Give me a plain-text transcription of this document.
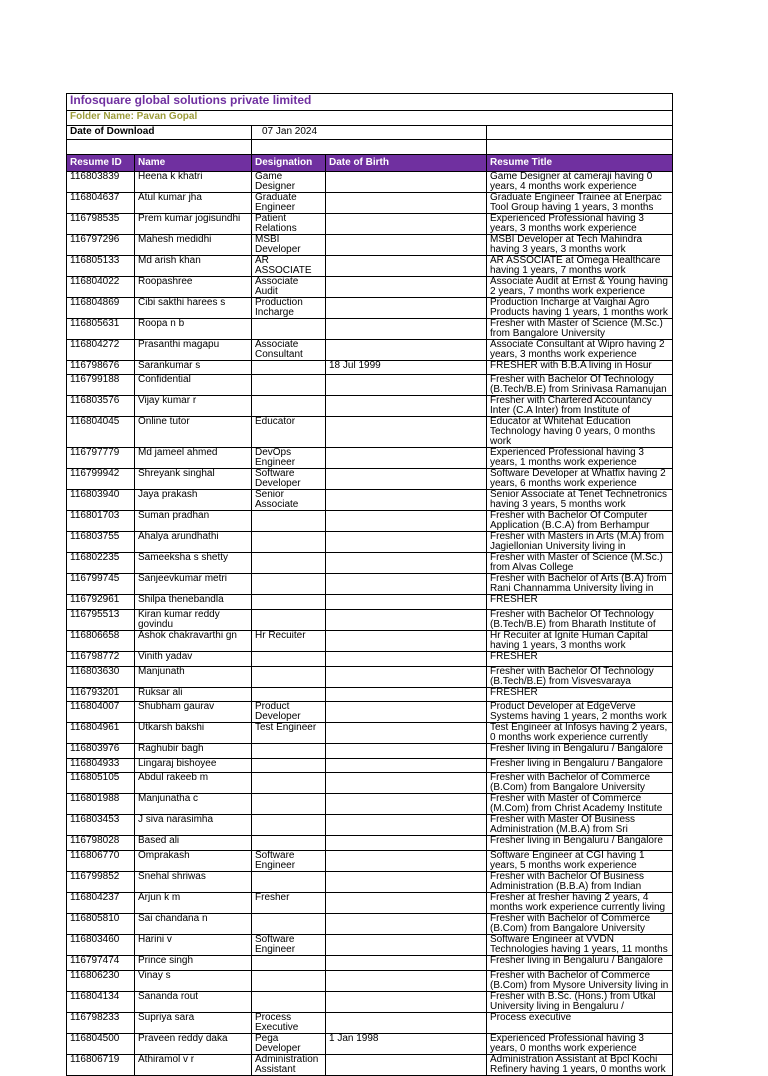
Infosquare global solutions private limited				
Folder Name: Pavan Gopal				
Date of Download		07 Jan 2024		

Resume ID	Name	Designation	Date of Birth	Resume Title

116803839	Heena k khatri	Game Designer		Game Designer at cameraji having 0 years, 4 months work experience

116804637	Atul kumar jha	Graduate Engineer		Graduate Engineer Trainee at Enerpac Tool Group having 1 years, 3 months

116798535	Prem kumar jogisundhi	Patient Relations		Experienced Professional having 3 years, 3 months work experience

116797296	Mahesh medidhi	MSBI Developer		MSBI Developer at Tech Mahindra having 3 years, 3 months work

116805133	Md arish khan	AR ASSOCIATE		AR ASSOCIATE at Omega Healthcare having 1 years, 7 months work

116804022	Roopashree	Associate Audit		Associate Audit at Ernst & Young having 2 years, 7 months work experience

116804869	Cibi sakthi harees s	Production Incharge		Production Incharge at Vaighai Agro Products having 1 years, 1 months work

116805631	Roopa n b			Fresher with Master of Science (M.Sc.) from Bangalore University

116804272	Prasanthi magapu	Associate Consultant		Associate Consultant at Wipro having 2 years, 3 months work experience

116798676	Sarankumar s		18 Jul 1999	FRESHER with B.B.A living in Hosur

116799188	Confidential			Fresher with Bachelor Of Technology (B.Tech/B.E) from Srinivasa Ramanujan

116803576	Vijay kumar r			Fresher with Chartered Accountancy Inter (C.A Inter) from Institute of

116804045	Online tutor	Educator		Educator at Whitehat Education Technology having 0 years, 0 months work

116797779	Md jameel ahmed	DevOps Engineer		Experienced Professional having 3 years, 1 months work experience

116799942	Shreyank singhal	Software Developer		Software Developer at Whatfix having 2 years, 6 months work experience

116803940	Jaya prakash	Senior Associate		Senior Associate at Tenet Technetronics having 3 years, 5 months work

116801703	Suman pradhan			Fresher with Bachelor Of Computer Application (B.C.A) from Berhampur

116803755	Ahalya arundhathi			Fresher with Masters in Arts (M.A) from Jagiellonian University living in

116802235	Sameeksha s shetty			Fresher with Master of Science (M.Sc.) from Alvas College

116799745	Sanjeevkumar metri			Fresher with Bachelor of Arts (B.A) from Rani Channamma University living in

116792961	Shilpa thenebandla			FRESHER

116795513	Kiran kumar reddy govindu			Fresher with Bachelor Of Technology (B.Tech/B.E) from Bharath Institute of

116806658	Ashok chakravarthi gn	Hr Recuiter		Hr Recuiter at Ignite Human Capital having 1 years, 3 months work

116798772	Vinith yadav			FRESHER

116803630	Manjunath			Fresher with Bachelor Of Technology (B.Tech/B.E) from Visvesvaraya

116793201	Ruksar ali			FRESHER

116804007	Shubham gaurav	Product Developer		Product Developer at EdgeVerve Systems having 1 years, 2 months work

116804961	Utkarsh bakshi	Test Engineer		Test Engineer at Infosys having 2 years, 0 months work experience currently

116803976	Raghubir bagh			Fresher living in Bengaluru / Bangalore

116804933	Lingaraj bishoyee			Fresher living in Bengaluru / Bangalore

116805105	Abdul rakeeb m			Fresher with Bachelor of Commerce (B.Com) from Bangalore University

116801988	Manjunatha c			Fresher with Master of Commerce (M.Com) from Christ Academy Institute

116803453	J siva narasimha			Fresher with Master Of Business Administration (M.B.A) from Sri

116798028	Based ali			Fresher living in Bengaluru / Bangalore

116806770	Omprakash	Software Engineer		Software Engineer at CGI having 1 years, 5 months work experience

116799852	Snehal shriwas			Fresher with Bachelor Of Business Administration (B.B.A) from Indian

116804237	Arjun k m	Fresher		Fresher at fresher having 2 years, 4 months work experience currently living

116805810	Sai chandana n			Fresher with Bachelor of Commerce (B.Com) from Bangalore University

116803460	Harini v	Software Engineer		Software Engineer at VVDN Technologies having 1 years, 11 months

116797474	Prince singh			Fresher living in Bengaluru / Bangalore

116806230	Vinay s			Fresher with Bachelor of Commerce (B.Com) from Mysore University living in

116804134	Sananda rout			Fresher with B.Sc. (Hons.) from Utkal University living in Bengaluru /

116798233	Supriya sara	Process Executive		Process executive

116804500	Praveen reddy daka	Pega Developer	1 Jan 1998	Experienced Professional having 3 years, 0 months work experience

116806719	Athiramol v r	Administration Assistant		Administration Assistant at Bpcl Kochi Refinery having 1 years, 0 months work
